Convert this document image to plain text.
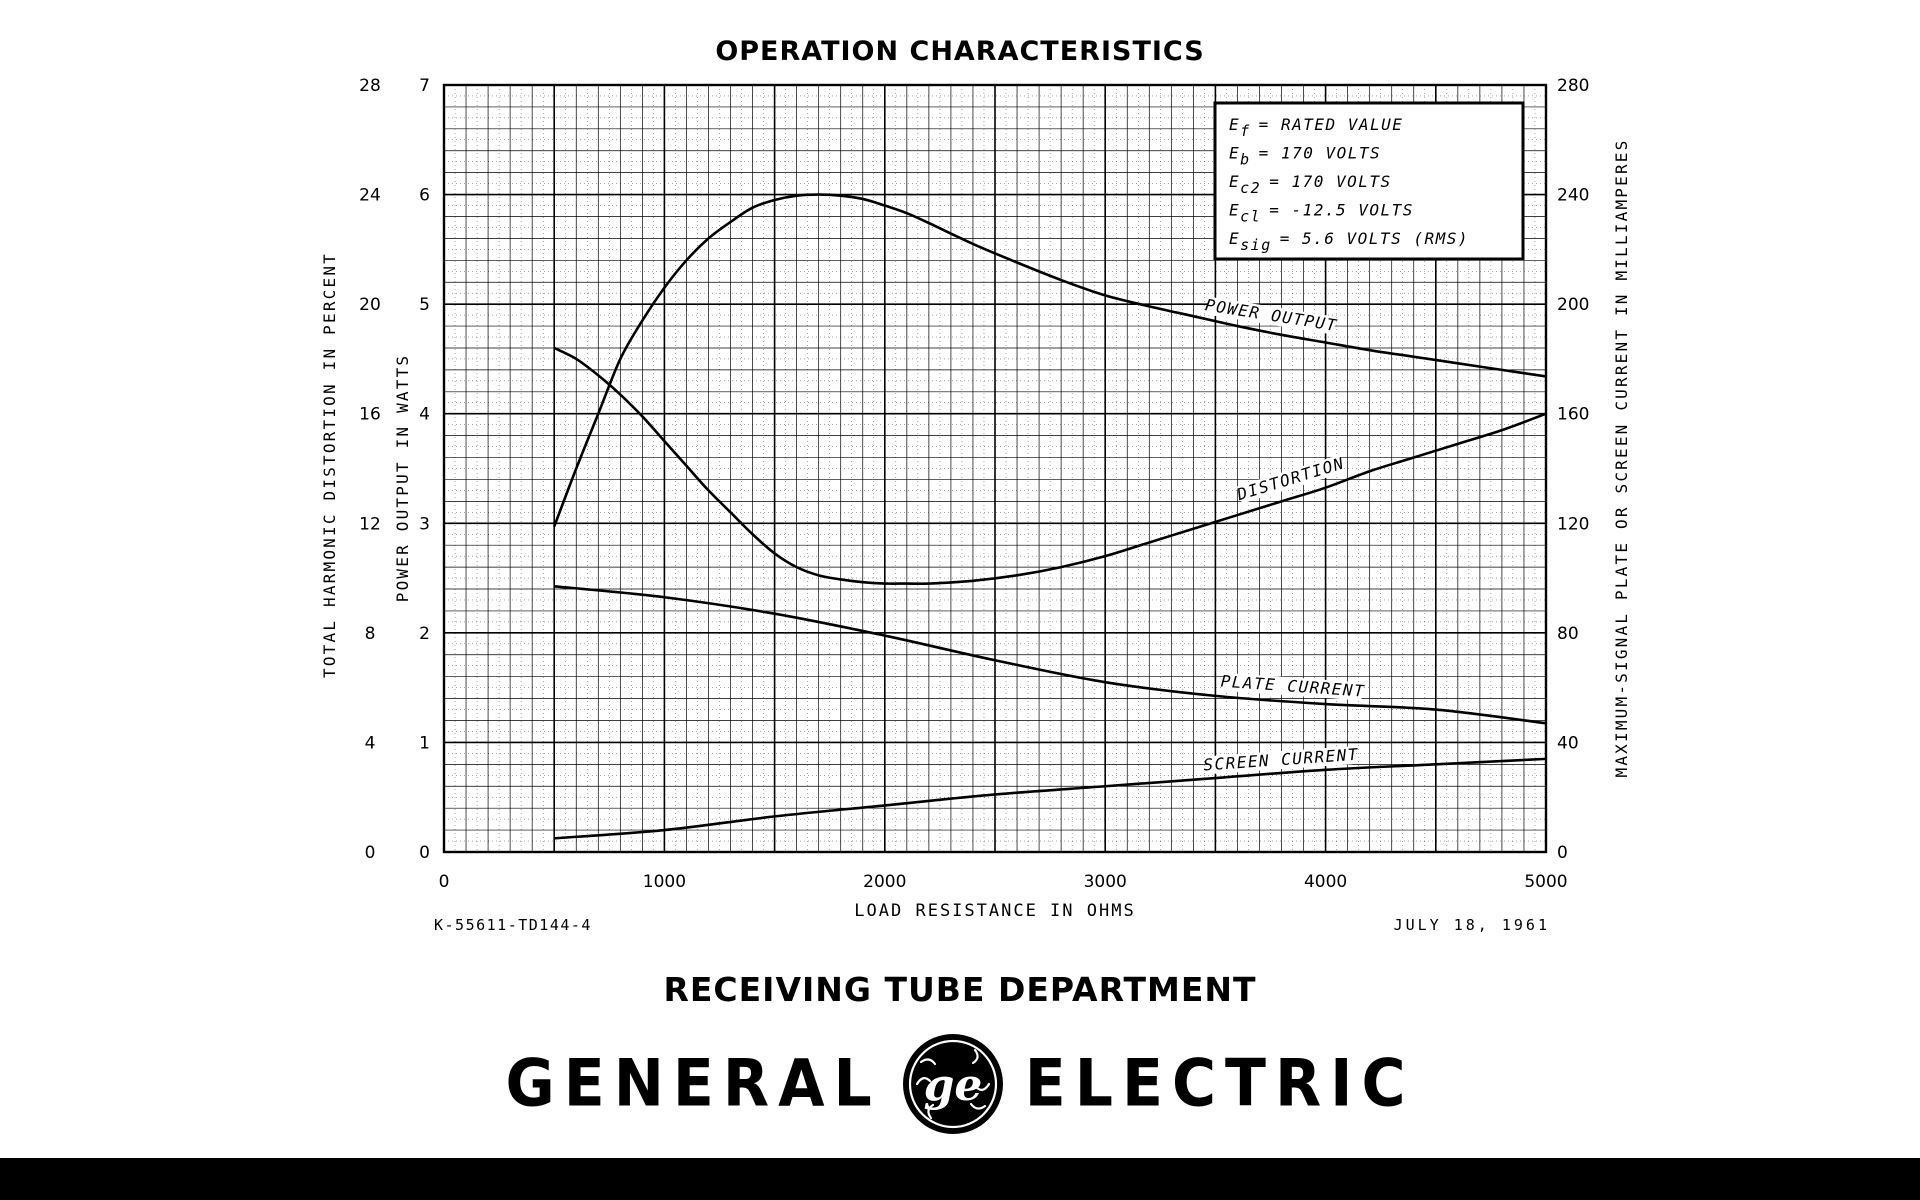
OPERATION CHARACTERISTICS
0	1000	2000	3000	4000	5000
0
4
8
12
16
20
24
28
0
1
2
3
4
5
6
7
0
40
80
120
160
200
240
280
POWER OUTPUT
DISTORTION
PLATE CURRENT
SCREEN CURRENT
LOAD RESISTANCE IN OHMS
TOTAL HARMONIC DISTORTION IN PERCENT	POWER OUTPUT IN WATTS	MAXIMUM-SIGNAL PLATE OR SCREEN CURRENT IN MILLIAMPERES
Ef = RATED VALUE
Eb = 170 VOLTS
Ec2 = 170 VOLTS
Ecl = -12.5 VOLTS
Esig = 5.6 VOLTS (RMS)
K-55611-TD144-4	JULY 18, 1961
RECEIVING TUBE DEPARTMENT
GENERAL ge ELECTRIC
